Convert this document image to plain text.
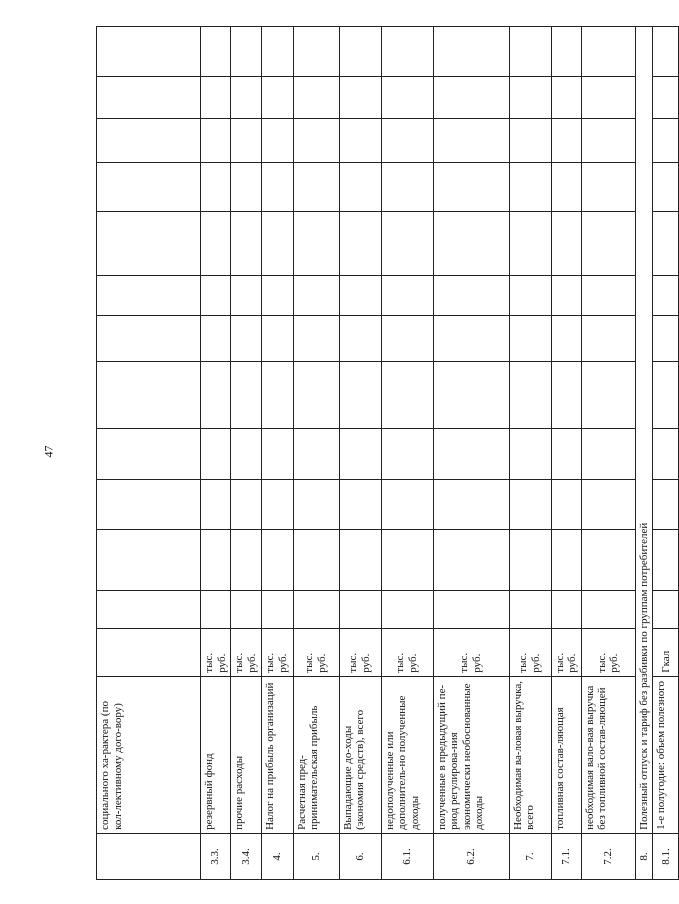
47
	социального ха-рактера (по кол-лективному дого-вору)													
3.3.	резервный фонд	тыс. руб.												
3.4.	прочие расходы	тыс. руб.												
4.	Налог на прибыль организаций	тыс. руб.												
5.	Расчетная пред-принимательская прибыль	тыс. руб.												
6.	Выпадающие до-ходы (экономия средств), всего	тыс. руб.												
6.1.	недополученные или дополнитель-но полученные доходы	тыс. руб.												
6.2.	полученные в предыдущий пе-риод регулирова-ния экономически необоснованные доходы	тыс. руб.												
7.	Необходимая ва-ловая выручка, всего	тыс. руб.												
7.1.	топливная состав-ляющая	тыс. руб.												
7.2.	необходимая вало-вая выручка без топливной состав-ляющей	тыс. руб.												
8.	Полезный отпуск и тариф без разбивки по группам потребителей													
8.1.	1-е полугодие: объем полезного	Гкал												
